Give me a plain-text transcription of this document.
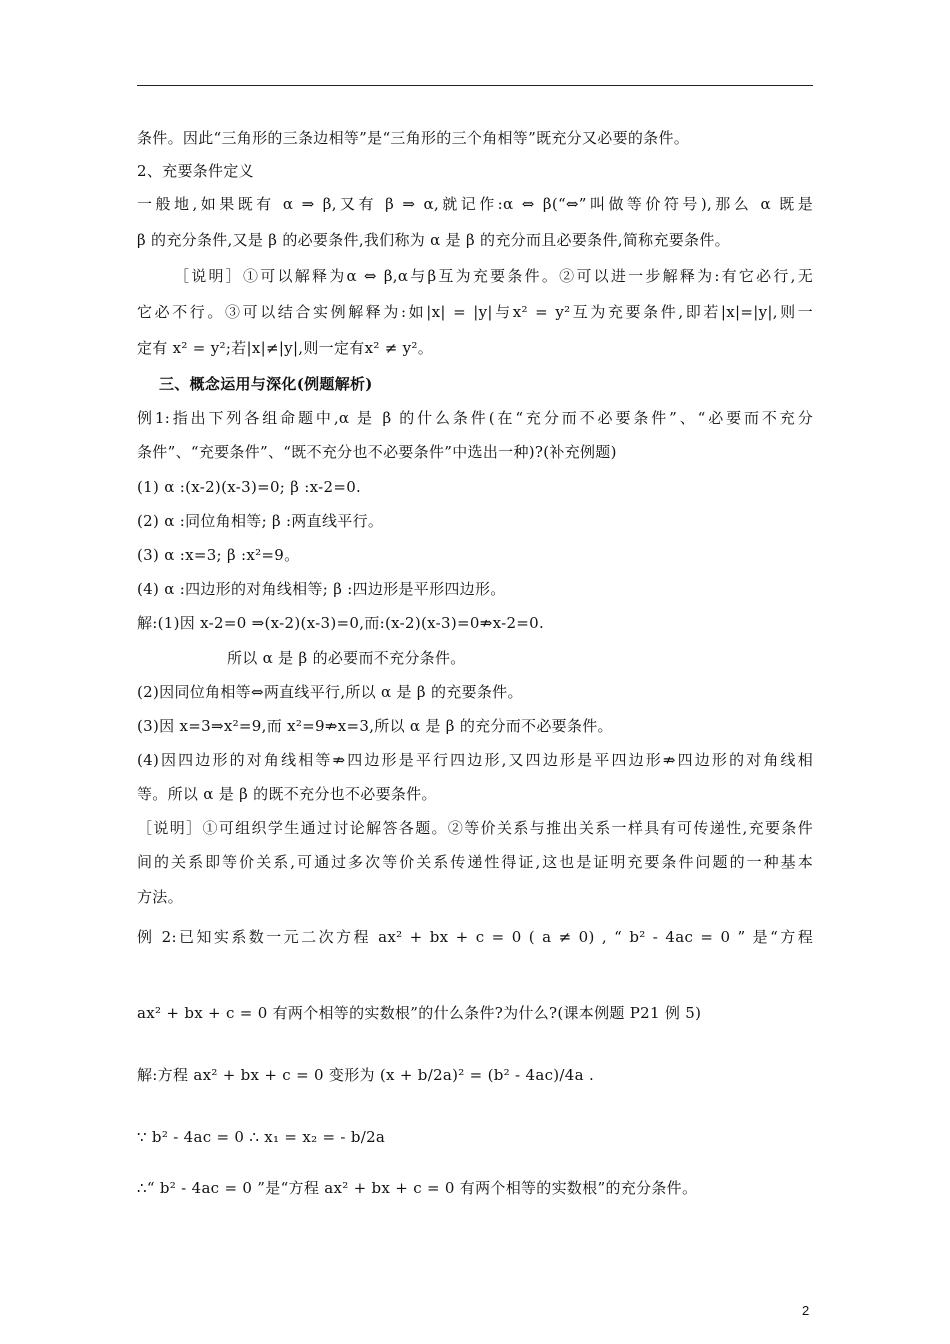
条件。因此“三角形的三条边相等”是“三角形的三个角相等”既充分又必要的条件。
2、充要条件定义
一般地,如果既有 α ⇒ β,又有 β ⇒ α,就记作:α ⇔ β(“⇔”叫做等价符号),那么 α 既是
β 的充分条件,又是 β 的必要条件,我们称为 α 是 β 的充分而且必要条件,简称充要条件。
［说明］①可以解释为α ⇔ β,α与β互为充要条件。②可以进一步解释为:有它必行,无
它必不行。③可以结合实例解释为:如|x| = |y|与x² = y²互为充要条件,即若|x|=|y|,则一
定有 x² = y²;若|x|≠|y|,则一定有x² ≠ y²。
三、概念运用与深化(例题解析)
例1:指出下列各组命题中,α 是 β 的什么条件(在“充分而不必要条件”、“必要而不充分
条件”、“充要条件”、“既不充分也不必要条件”中选出一种)?(补充例题)
(1) α :(x-2)(x-3)=0; β :x-2=0.
(2) α :同位角相等; β :两直线平行。
(3) α :x=3; β :x²=9。
(4) α :四边形的对角线相等; β :四边形是平形四边形。
解:(1)因 x-2=0 ⇒(x-2)(x-3)=0,而:(x-2)(x-3)=0⇏x-2=0.
所以 α 是 β 的必要而不充分条件。
(2)因同位角相等⇔两直线平行,所以 α 是 β 的充要条件。
(3)因 x=3⇒x²=9,而 x²=9⇏x=3,所以 α 是 β 的充分而不必要条件。
(4)因四边形的对角线相等⇏四边形是平行四边形,又四边形是平四边形⇏四边形的对角线相
等。所以 α 是 β 的既不充分也不必要条件。
［说明］①可组织学生通过讨论解答各题。②等价关系与推出关系一样具有可传递性,充要条件
间的关系即等价关系,可通过多次等价关系传递性得证,这也是证明充要条件问题的一种基本
方法。
例 2:已知实系数一元二次方程 ax² + bx + c = 0 ( a ≠ 0) , “ b² - 4ac = 0 ” 是“方程
ax² + bx + c = 0 有两个相等的实数根”的什么条件?为什么?(课本例题 P21 例 5)
解:方程 ax² + bx + c = 0 变形为 (x + b/2a)² = (b² - 4ac)/4a .
∵ b² - 4ac = 0 ∴ x₁ = x₂ = - b/2a
∴“ b² - 4ac = 0 ”是“方程 ax² + bx + c = 0 有两个相等的实数根”的充分条件。
2
